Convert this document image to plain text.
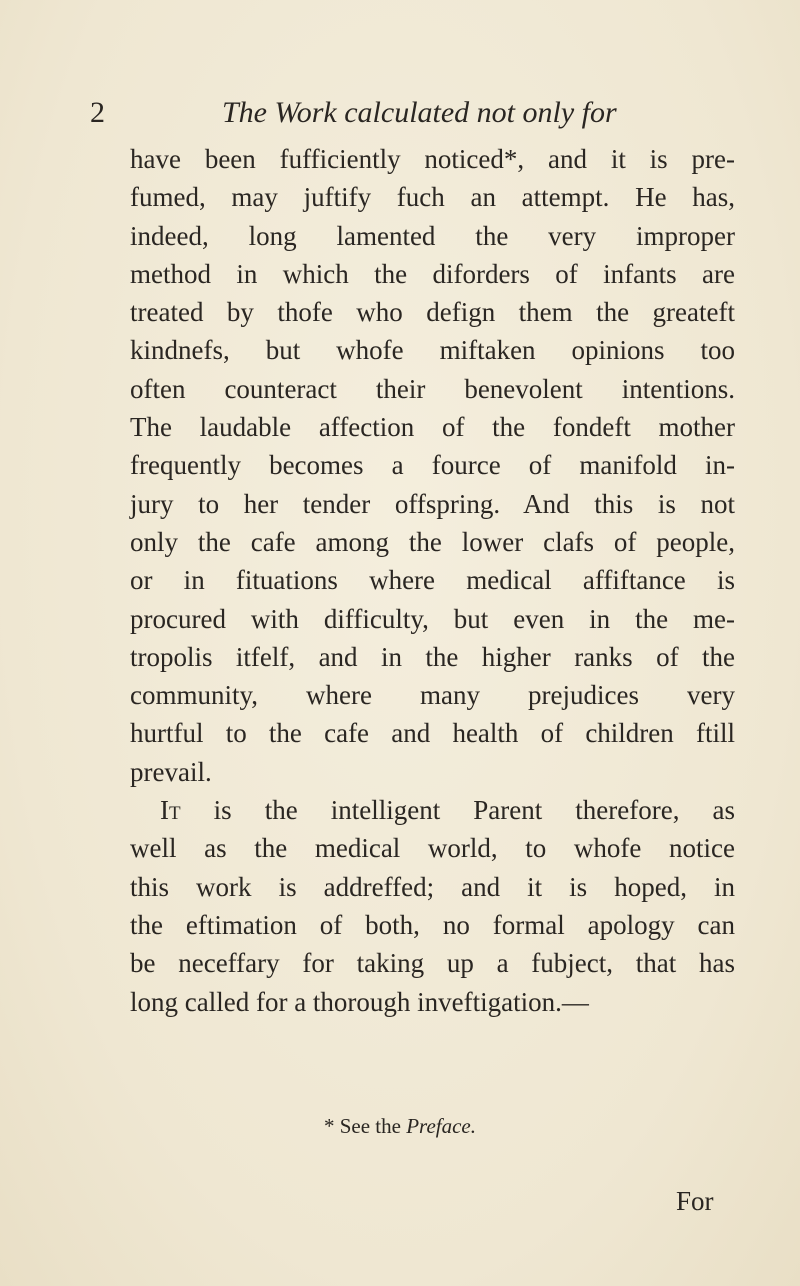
2	The Work calculated not only for
have been fufficiently noticed*, and it is pre-
fumed, may juftify fuch an attempt. He has,
indeed, long lamented the very improper
method in which the diforders of infants are
treated by thofe who defign them the greateft
kindnefs, but whofe miftaken opinions too
often counteract their benevolent intentions.
The laudable affection of the fondeft mother
frequently becomes a fource of manifold in-
jury to her tender offspring. And this is not
only the cafe among the lower clafs of people,
or in fituations where medical affiftance is
procured with difficulty, but even in the me-
tropolis itfelf, and in the higher ranks of the
community, where many prejudices very
hurtful to the cafe and health of children ftill
prevail.
It is the intelligent Parent therefore, as
well as the medical world, to whofe notice
this work is addreffed; and it is hoped, in
the eftimation of both, no formal apology can
be neceffary for taking up a fubject, that has
long called for a thorough inveftigation.—
* See the Preface.
For
